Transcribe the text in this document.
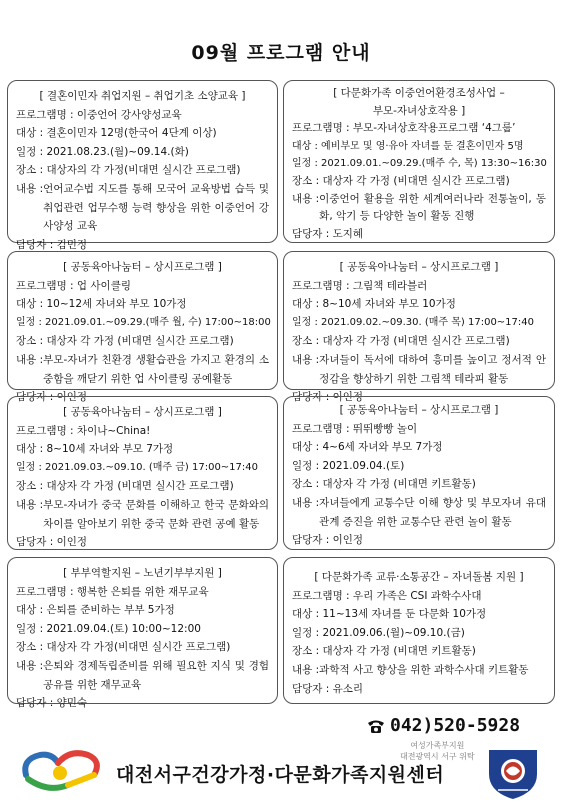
09월 프로그램 안내
[ 결혼이민자 취업지원 – 취업기초 소양교육 ]
프로그램명 : 이중언어 강사양성교육
대상 : 결혼이민자 12명(한국어 4단계 이상)
일정 : 2021.08.23.(월)~09.14.(화)
장소 : 대상자의 각 가정(비대면 실시간 프로그램)
내용 : 언어교수법 지도를 통해 모국어 교육방법 습득 및 취업관련 업무수행 능력 향상을 위한 이중언어 강사양성 교육
담당자 : 김민정
[ 다문화가족 이중언어환경조성사업 –
부모-자녀상호작용 ]
프로그램명 : 부모-자녀상호작용프로그램 ‘4그룹’
대상 : 예비부모 및 영·유아 자녀를 둔 결혼이민자 5명
일정 : 2021.09.01.~09.29.(매주 수, 목) 13:30~16:30
장소 : 대상자 각 가정 (비대면 실시간 프로그램)
내용 : 이중언어 활용을 위한 세계여러나라 전통놀이, 동화, 악기 등 다양한 놀이 활동 진행
담당자 : 도지혜
[ 공동육아나눔터 – 상시프로그램 ]
프로그램명 : 업 사이클링
대상 : 10~12세 자녀와 부모 10가정
일정 : 2021.09.01.~09.29.(매주 월, 수) 17:00~18:00
장소 : 대상자 각 가정 (비대면 실시간 프로그램)
내용 : 부모-자녀가 친환경 생활습관을 가지고 환경의 소중함을 깨닫기 위한 업 사이클링 공예활동
담당자 : 이인정
[ 공동육아나눔터 – 상시프로그램 ]
프로그램명 : 그림책 테라블러
대상 : 8~10세 자녀와 부모 10가정
일정 : 2021.09.02.~09.30. (매주 목) 17:00~17:40
장소 : 대상자 각 가정 (비대면 실시간 프로그램)
내용 : 자녀들이 독서에 대하여 흥미를 높이고 정서적 안정감을 향상하기 위한 그림책 테라피 활동
담당자 : 이인정
[ 공동육아나눔터 – 상시프로그램 ]
프로그램명 : 차이나~China!
대상 : 8~10세 자녀와 부모 7가정
일정 : 2021.09.03.~09.10. (매주 금) 17:00~17:40
장소 : 대상자 각 가정 (비대면 실시간 프로그램)
내용 : 부모-자녀가 중국 문화를 이해하고 한국 문화와의 차이를 알아보기 위한 중국 문화 관련 공예 활동
담당자 : 이인정
[ 공동육아나눔터 – 상시프로그램 ]
프로그램명 : 뛰뛰빵빵 놀이
대상 : 4~6세 자녀와 부모 7가정
일정 : 2021.09.04.(토)
장소 : 대상자 각 가정 (비대면 키트활동)
내용 : 자녀들에게 교통수단 이해 향상 및 부모자녀 유대관계 증진을 위한 교통수단 관련 놀이 활동
담당자 : 이인정
[ 부부역할지원 – 노년기부부지원 ]
프로그램명 : 행복한 은퇴를 위한 재무교육
대상 : 은퇴를 준비하는 부부 5가정
일정 : 2021.09.04.(토) 10:00~12:00
장소 : 대상자 각 가정(비대면 실시간 프로그램)
내용 : 은퇴와 경제독립준비를 위해 필요한 지식 및 경험 공유를 위한 재무교육
담당자 : 양민숙
[ 다문화가족 교류·소통공간 – 자녀돌봄 지원 ]
프로그램명 : 우리 가족은 CSI 과학수사대
대상 : 11~13세 자녀를 둔 다문화 10가정
일정 : 2021.09.06.(월)~09.10.(금)
장소 : 대상자 각 가정 (비대면 키트활동)
내용 : 과학적 사고 향상을 위한 과학수사대 키트활동
담당자 : 유소리
042)520-5928
여성가족부지원
대전광역시 서구 위탁
대전서구건강가정·다문화가족지원센터
